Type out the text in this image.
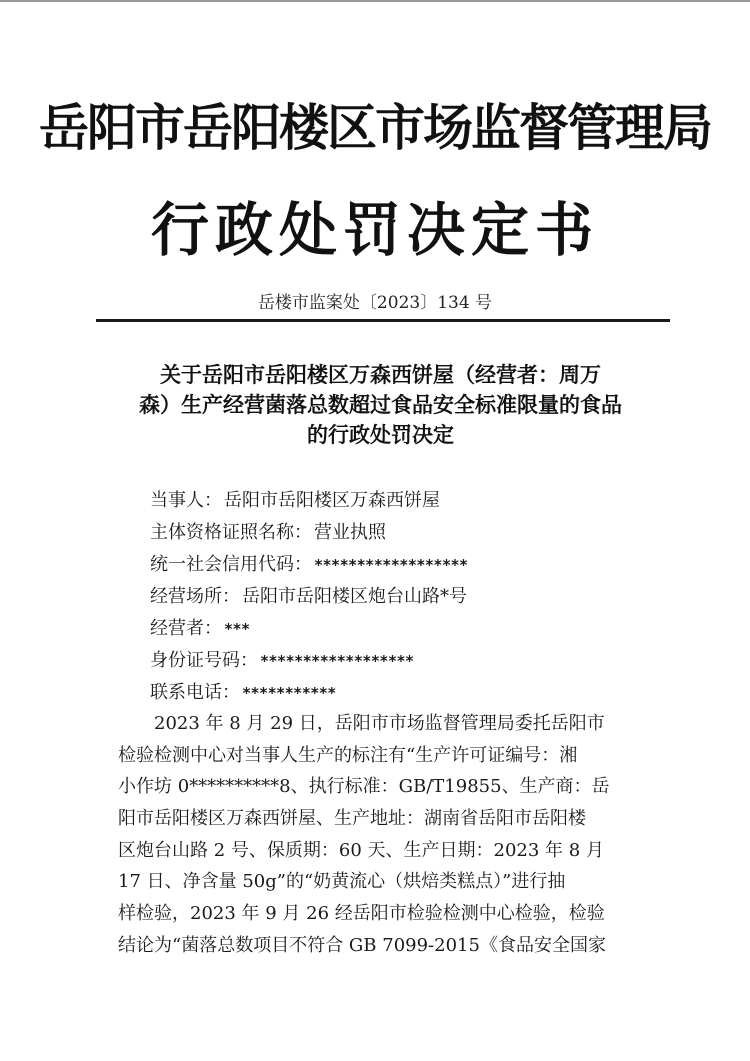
岳阳市岳阳楼区市场监督管理局
行政处罚决定书
岳楼市监案处〔2023〕134 号
关于岳阳市岳阳楼区万森西饼屋（经营者：周万
森）生产经营菌落总数超过食品安全标准限量的食品
的行政处罚决定
当事人： 岳阳市岳阳楼区万森西饼屋
主体资格证照名称： 营业执照
统一社会信用代码： ******************
经营场所： 岳阳市岳阳楼区炮台山路*号
经营者： ***
身份证号码： ******************
联系电话： ***********
2023 年 8 月 29 日，岳阳市市场监督管理局委托岳阳市
检验检测中心对当事人生产的标注有“生产许可证编号：湘
小作坊 0**********8、执行标准：GB/T19855、生产商：岳
阳市岳阳楼区万森西饼屋、生产地址：湖南省岳阳市岳阳楼
区炮台山路 2 号、保质期：60 天、生产日期：2023 年 8 月
17 日、净含量 50g”的“奶黄流心（烘焙类糕点）”进行抽
样检验，2023 年 9 月 26 经岳阳市检验检测中心检验，检验
结论为“菌落总数项目不符合 GB 7099-2015《食品安全国家
